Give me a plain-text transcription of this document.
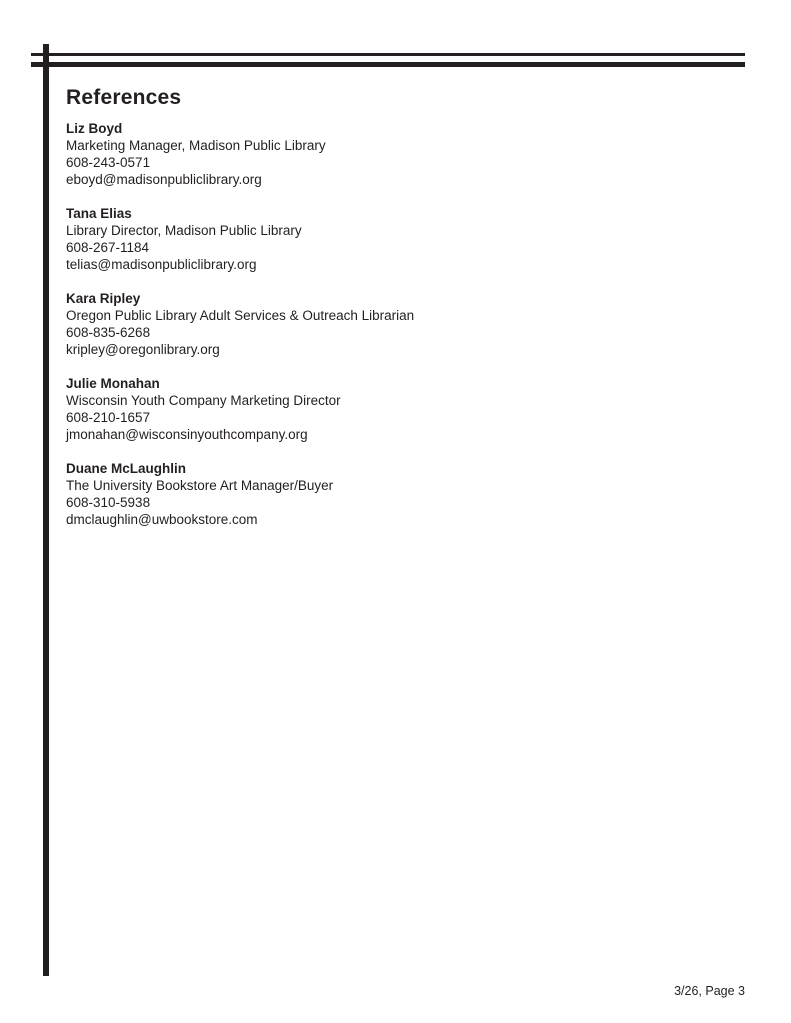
References
Liz Boyd
Marketing Manager, Madison Public Library
608-243-0571
eboyd@madisonpubliclibrary.org
Tana Elias
Library Director, Madison Public Library
608-267-1184
telias@madisonpubliclibrary.org
Kara Ripley
Oregon Public Library Adult Services & Outreach Librarian
608-835-6268
kripley@oregonlibrary.org
Julie Monahan
Wisconsin Youth Company Marketing Director
608-210-1657
jmonahan@wisconsinyouthcompany.org
Duane McLaughlin
The University Bookstore Art Manager/Buyer
608-310-5938
dmclaughlin@uwbookstore.com
3/26, Page 3
